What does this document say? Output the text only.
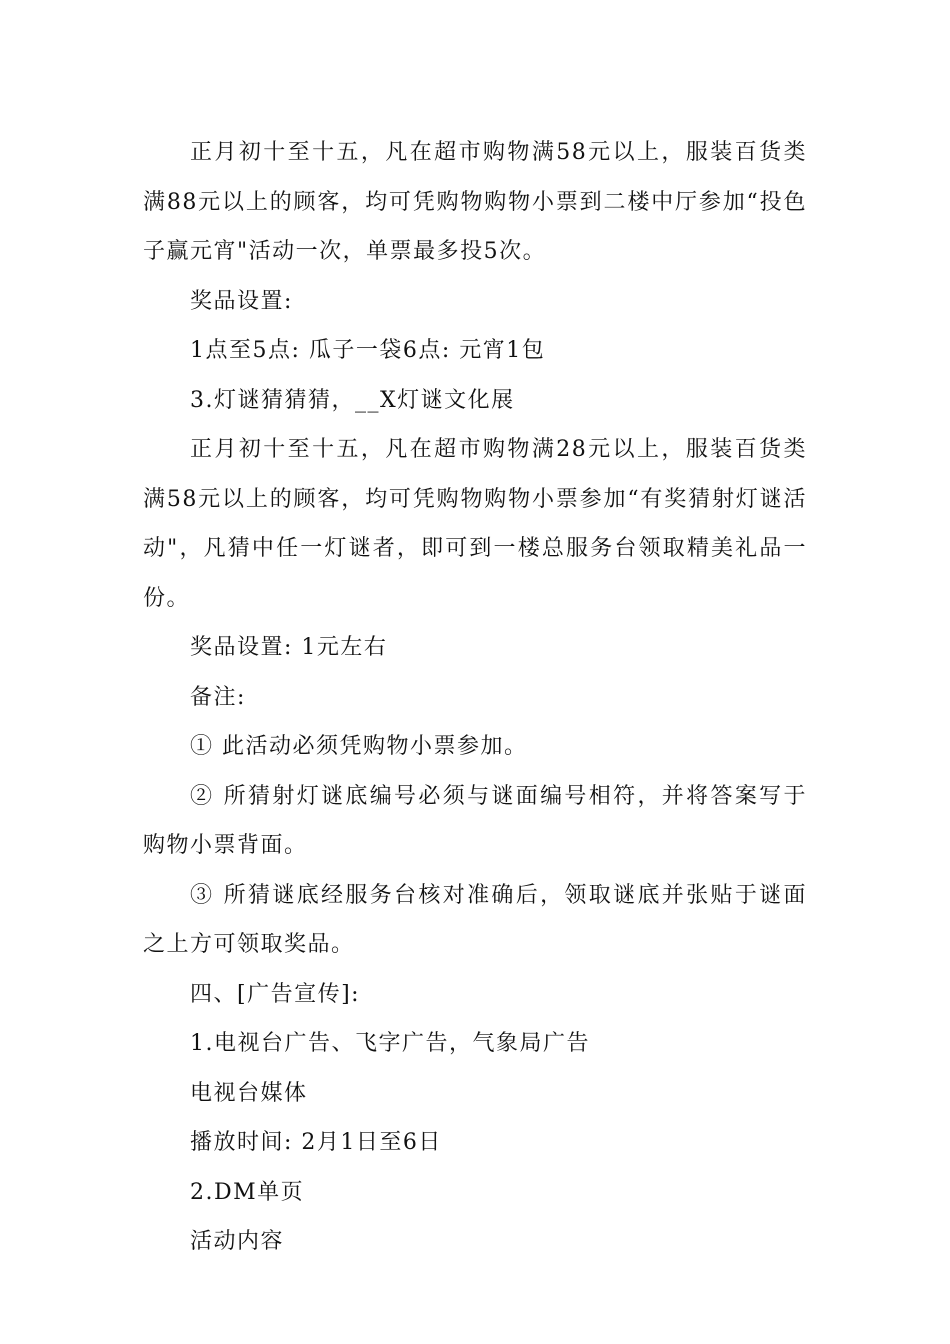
正月初十至十五，凡在超市购物满58元以上，服装百货类满88元以上的顾客，均可凭购物购物小票到二楼中厅参加“投色子赢元宵"活动一次，单票最多投5次。

奖品设置:

1点至5点: 瓜子一袋6点: 元宵1包

3.灯谜猜猜猜，__X灯谜文化展

正月初十至十五，凡在超市购物满28元以上，服装百货类满58元以上的顾客，均可凭购物购物小票参加“有奖猜射灯谜活动"，凡猜中任一灯谜者，即可到一楼总服务台领取精美礼品一份。

奖品设置: 1元左右

备注:

① 此活动必须凭购物小票参加。

② 所猜射灯谜底编号必须与谜面编号相符，并将答案写于购物小票背面。

③ 所猜谜底经服务台核对准确后，领取谜底并张贴于谜面之上方可领取奖品。

四、[广告宣传]:

1.电视台广告、飞字广告，气象局广告

电视台媒体

播放时间: 2月1日至6日

2.DM单页

活动内容
